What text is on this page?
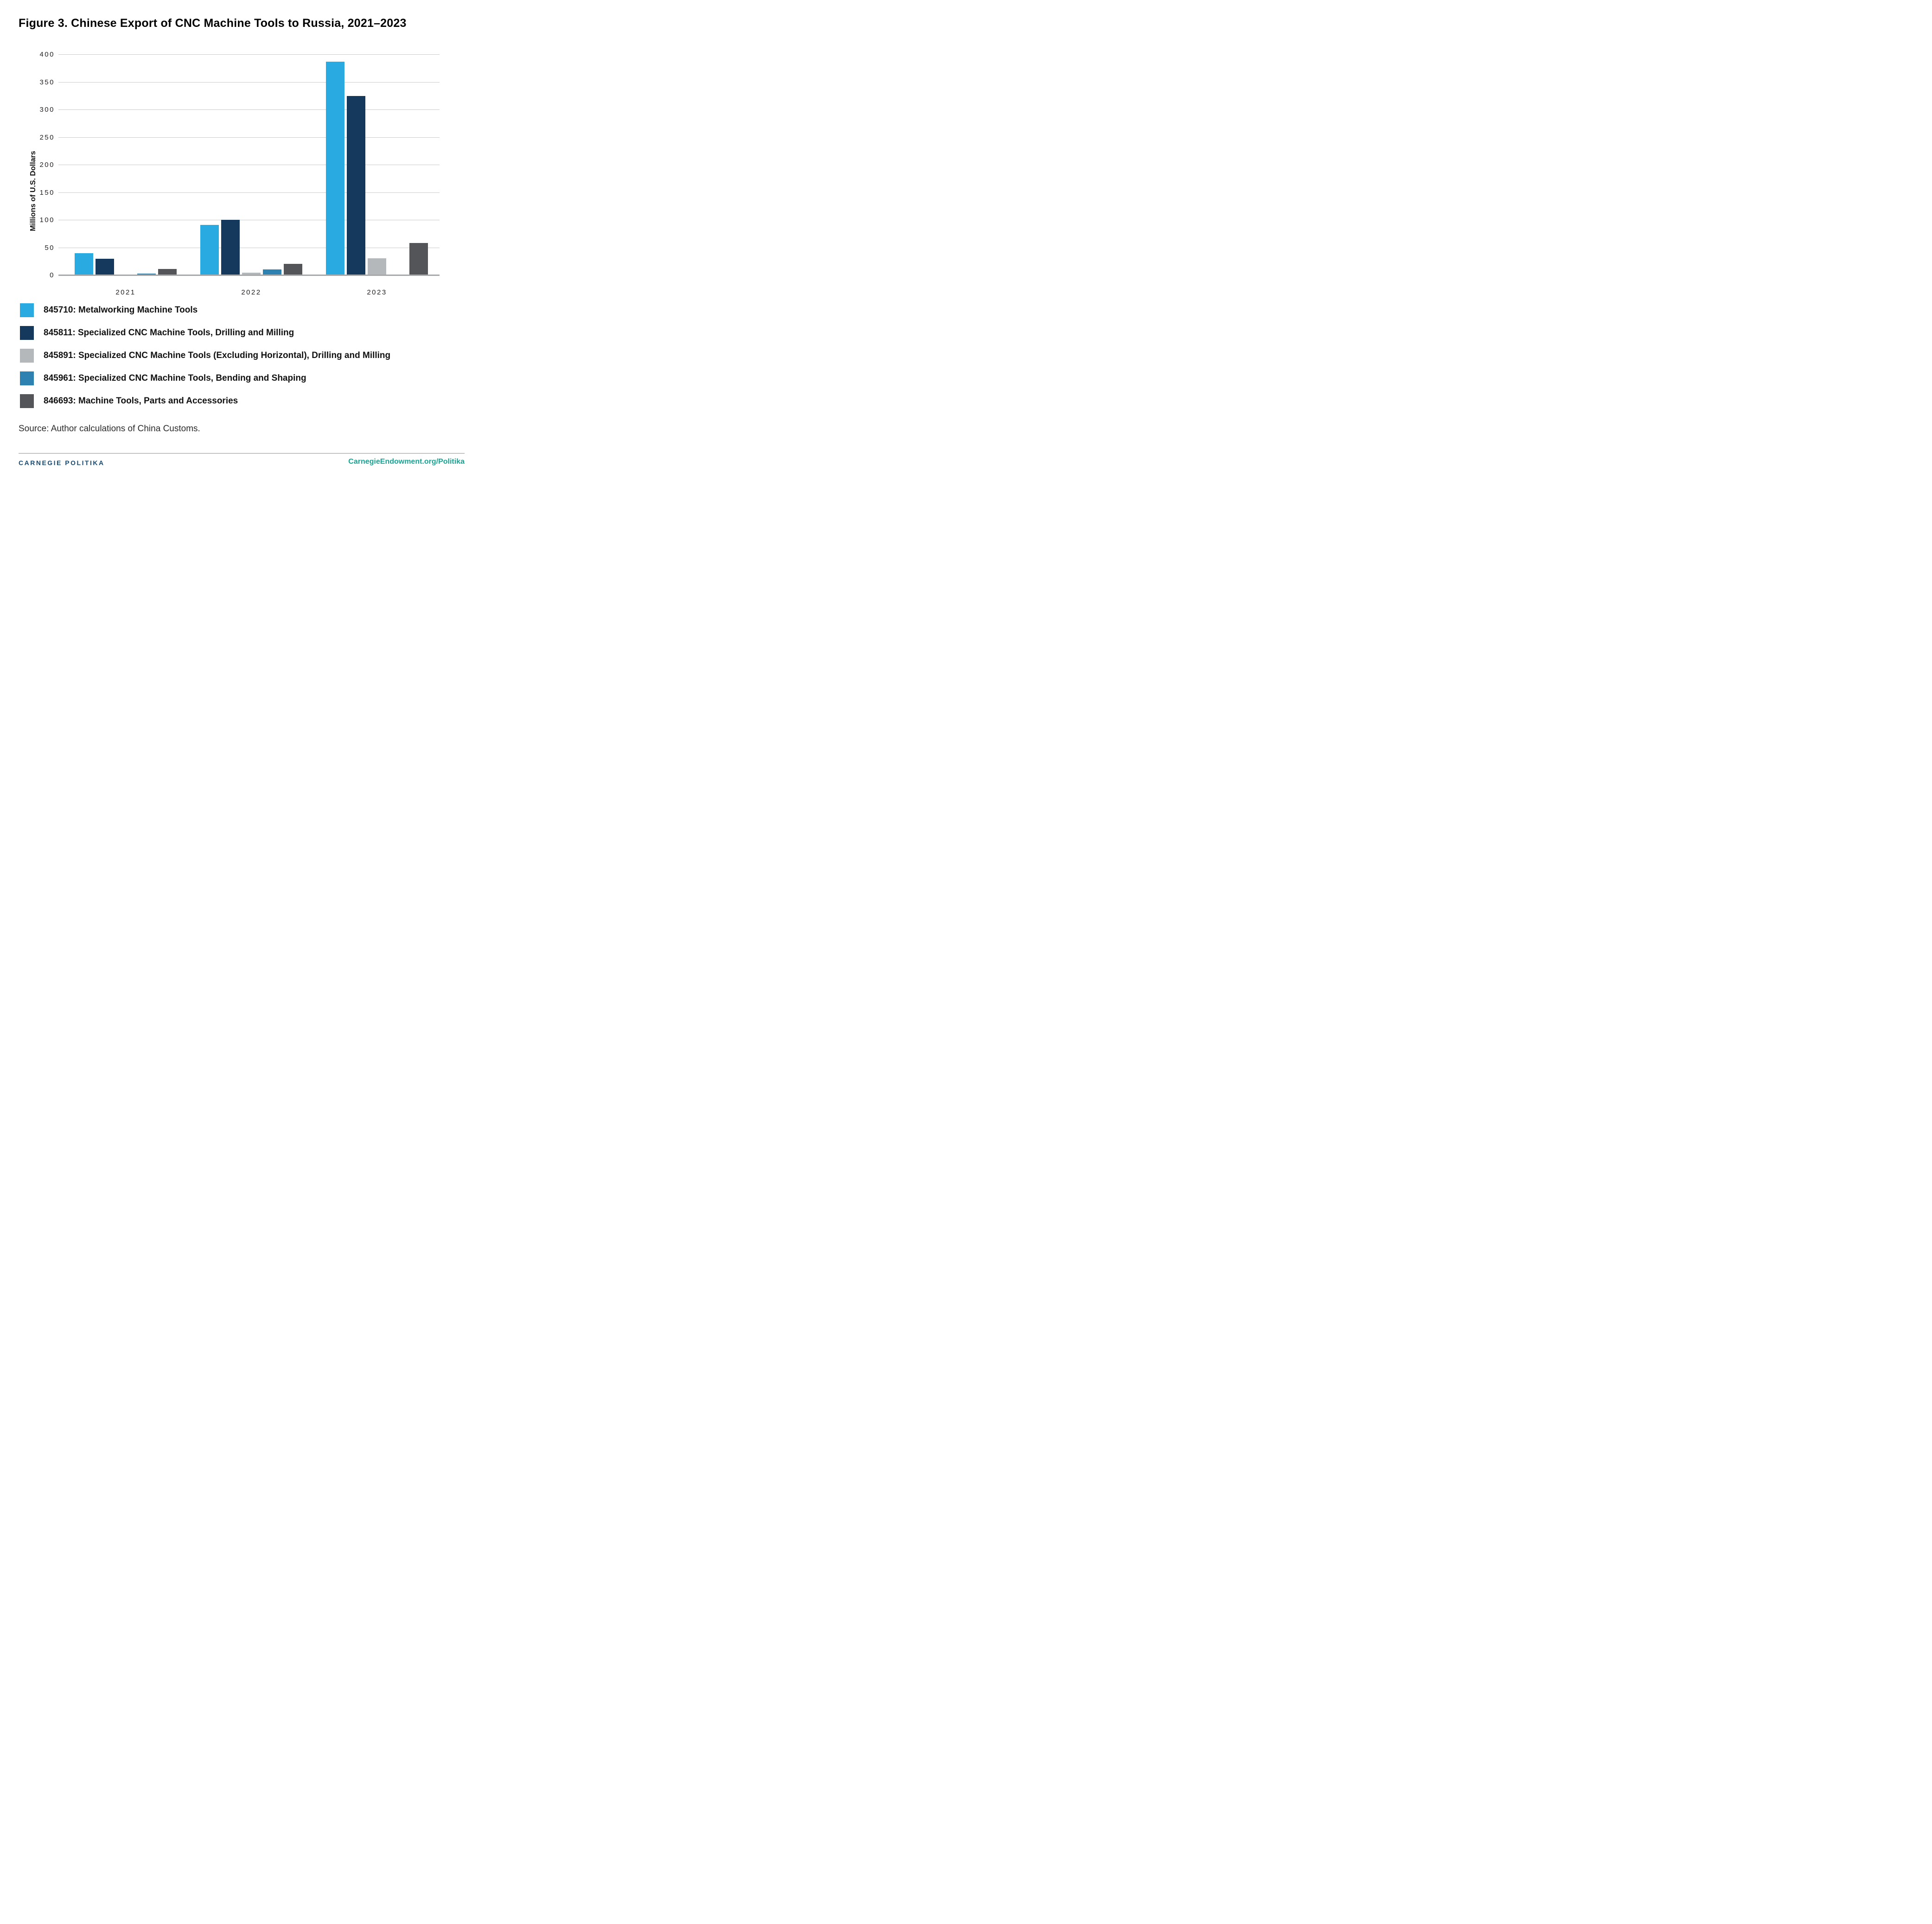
Figure 3. Chinese Export of CNC Machine Tools to Russia, 2021–2023
Millions of U.S. Dollars
845710: Metalworking Machine Tools
845811: Specialized CNC Machine Tools, Drilling and Milling
845891: Specialized CNC Machine Tools (Excluding Horizontal), Drilling and Milling
845961: Specialized CNC Machine Tools, Bending and Shaping
846693: Machine Tools, Parts and Accessories
Source: Author calculations of China Customs.
CARNEGIE POLITIKA	CarnegieEndowment.org/Politika
0
50
100
150
200
250
300
350
400
2021	2022	2023
